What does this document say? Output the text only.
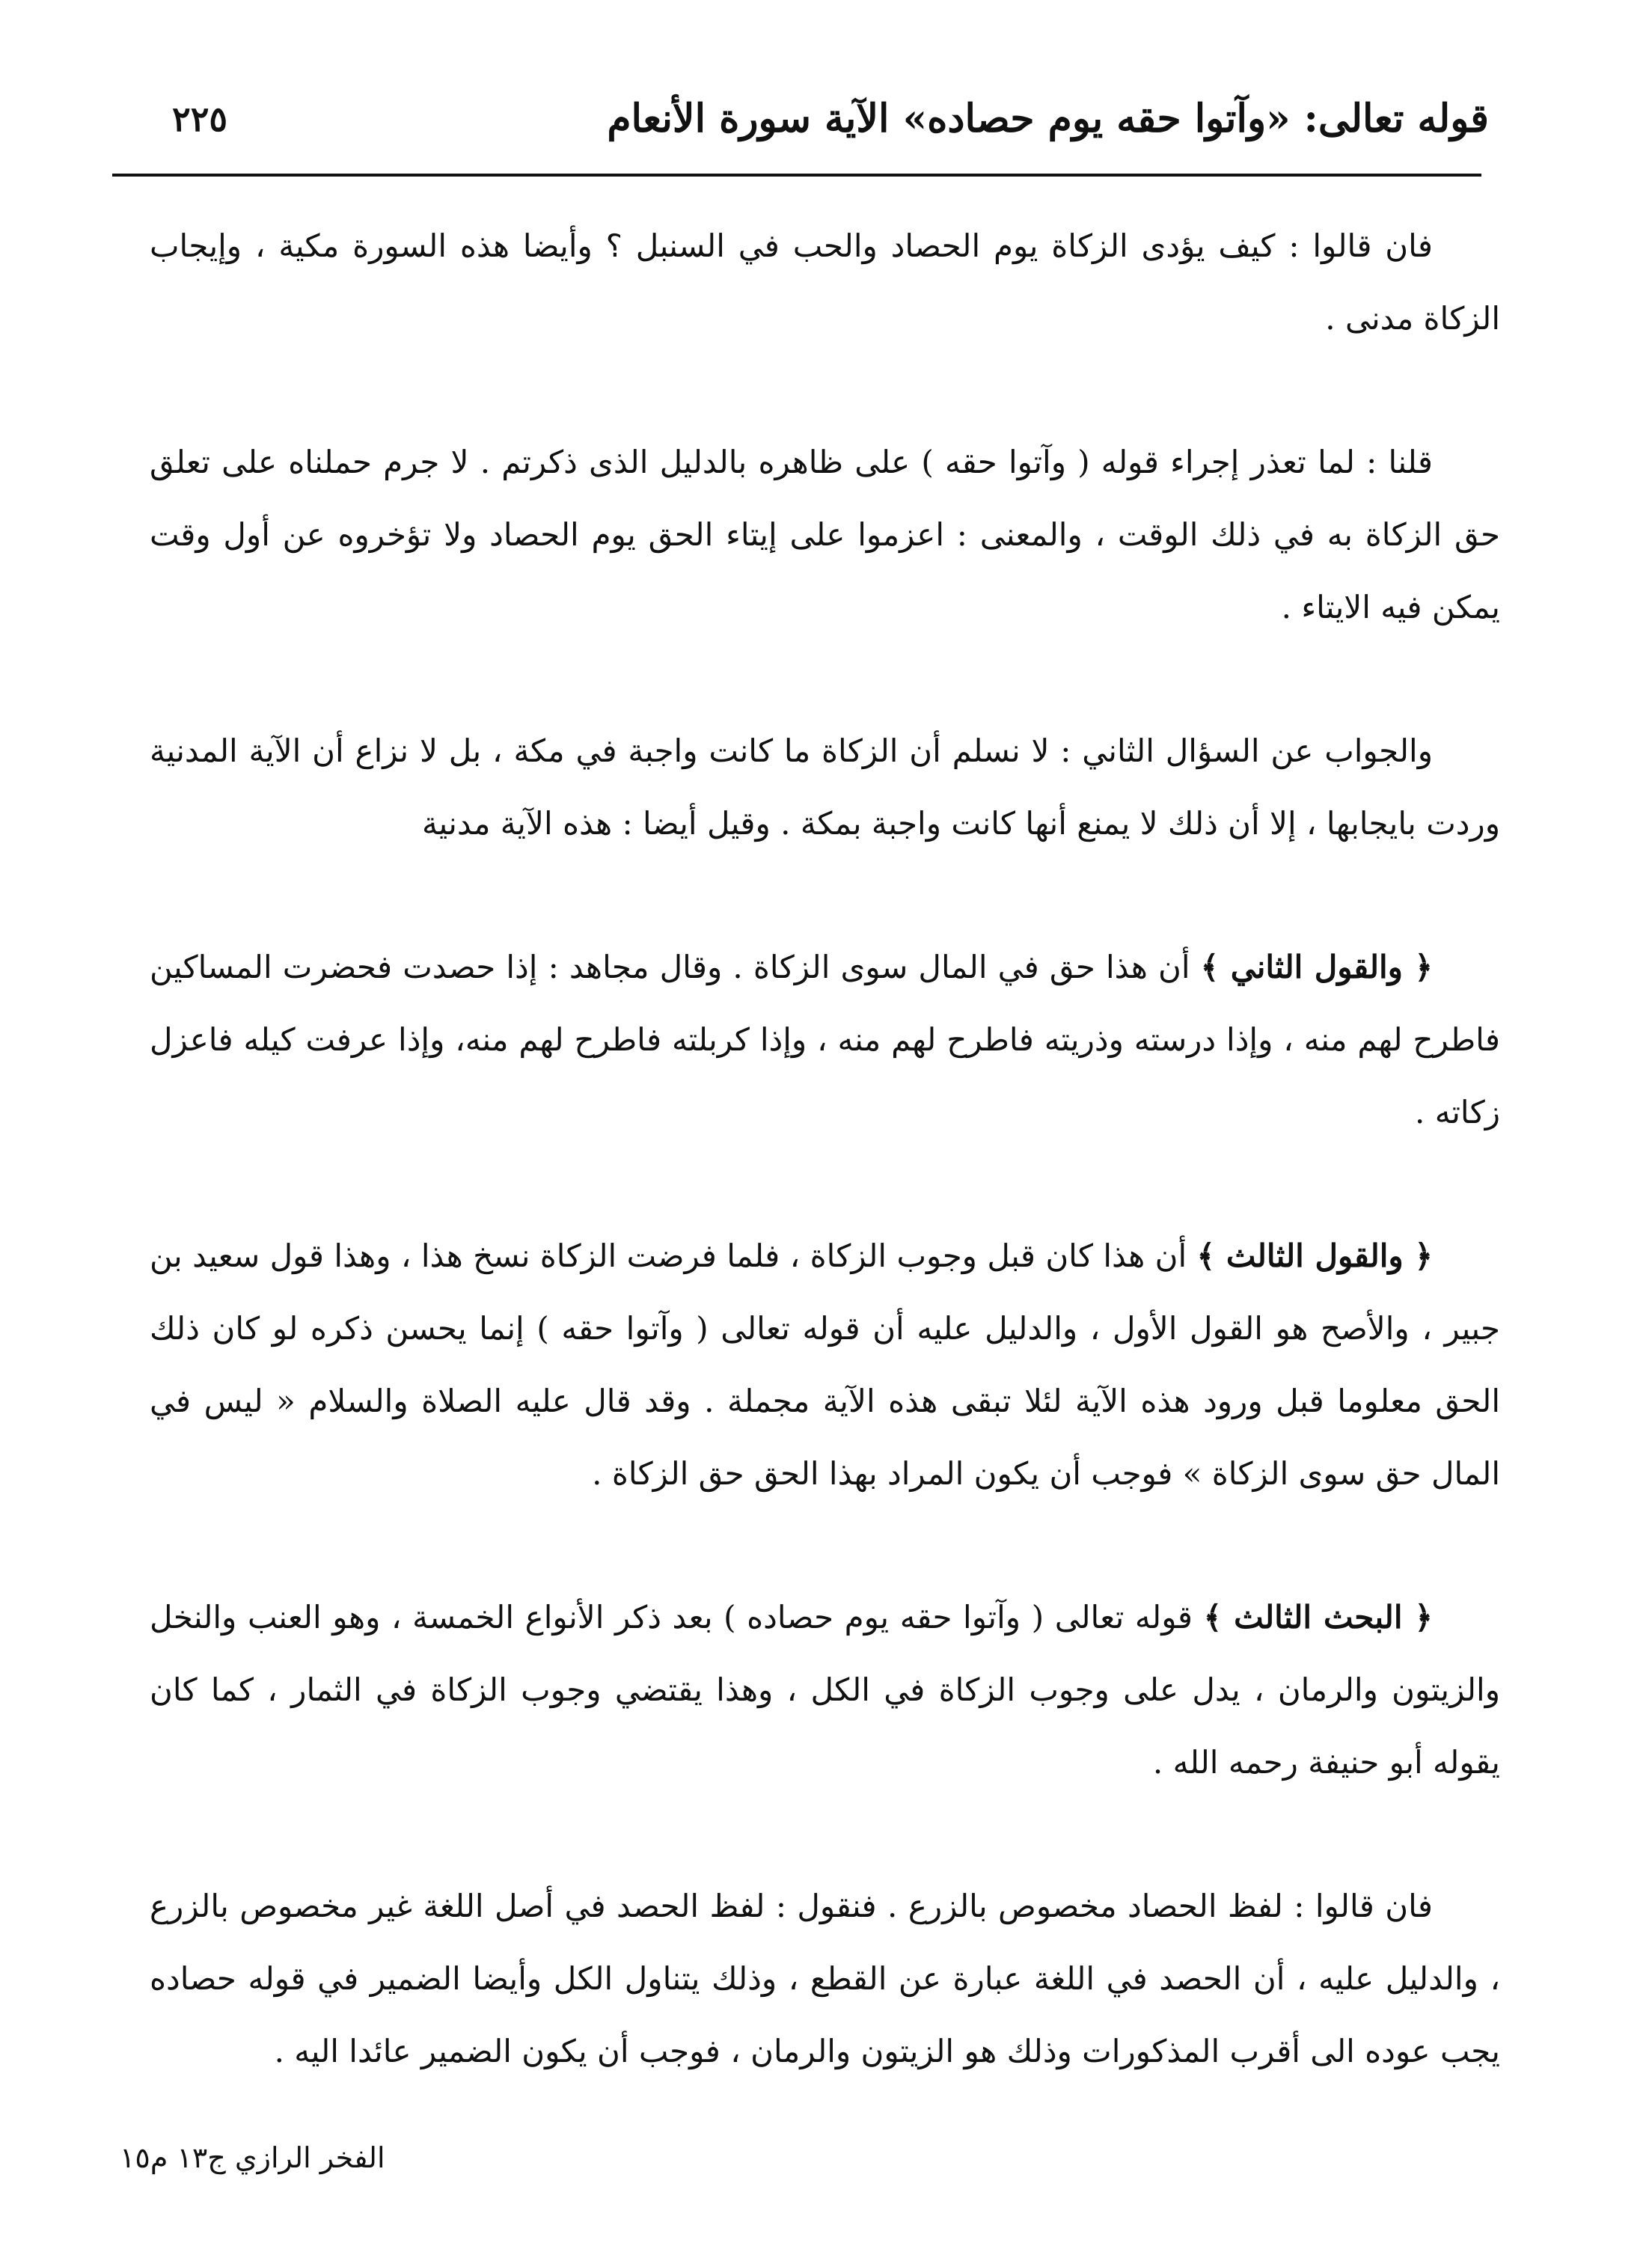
٢٢٥	قوله تعالى: «وآتوا حقه يوم حصاده» الآية سورة الأنعام

فان قالوا : كيف يؤدى الزكاة يوم الحصاد والحب في السنبل ؟ وأيضا هذه السورة مكية ، وإيجاب الزكاة مدنى .

قلنا : لما تعذر إجراء قوله ( وآتوا حقه ) على ظاهره بالدليل الذى ذكرتم . لا جرم حملناه على تعلق حق الزكاة به في ذلك الوقت ، والمعنى : اعزموا على إيتاء الحق يوم الحصاد ولا تؤخروه عن أول وقت يمكن فيه الايتاء .

والجواب عن السؤال الثاني : لا نسلم أن الزكاة ما كانت واجبة في مكة ، بل لا نزاع أن الآية المدنية وردت بايجابها ، إلا أن ذلك لا يمنع أنها كانت واجبة بمكة . وقيل أيضا : هذه الآية مدنية

﴿ والقول الثاني ﴾ أن هذا حق في المال سوى الزكاة . وقال مجاهد : إذا حصدت فحضرت المساكين فاطرح لهم منه ، وإذا درسته وذريته فاطرح لهم منه ، وإذا كربلته فاطرح لهم منه، وإذا عرفت كيله فاعزل زكاته .

﴿ والقول الثالث ﴾ أن هذا كان قبل وجوب الزكاة ، فلما فرضت الزكاة نسخ هذا ، وهذا قول سعيد بن جبير ، والأصح هو القول الأول ، والدليل عليه أن قوله تعالى ( وآتوا حقه ) إنما يحسن ذكره لو كان ذلك الحق معلوما قبل ورود هذه الآية لئلا تبقى هذه الآية مجملة . وقد قال عليه الصلاة والسلام « ليس في المال حق سوى الزكاة » فوجب أن يكون المراد بهذا الحق حق الزكاة .

﴿ البحث الثالث ﴾ قوله تعالى ( وآتوا حقه يوم حصاده ) بعد ذكر الأنواع الخمسة ، وهو العنب والنخل والزيتون والرمان ، يدل على وجوب الزكاة في الكل ، وهذا يقتضي وجوب الزكاة في الثمار ، كما كان يقوله أبو حنيفة رحمه الله .

فان قالوا : لفظ الحصاد مخصوص بالزرع . فنقول : لفظ الحصد في أصل اللغة غير مخصوص بالزرع ، والدليل عليه ، أن الحصد في اللغة عبارة عن القطع ، وذلك يتناول الكل وأيضا الضمير في قوله حصاده يجب عوده الى أقرب المذكورات وذلك هو الزيتون والرمان ، فوجب أن يكون الضمير عائدا اليه .

الفخر الرازي ج١٣ م١٥
